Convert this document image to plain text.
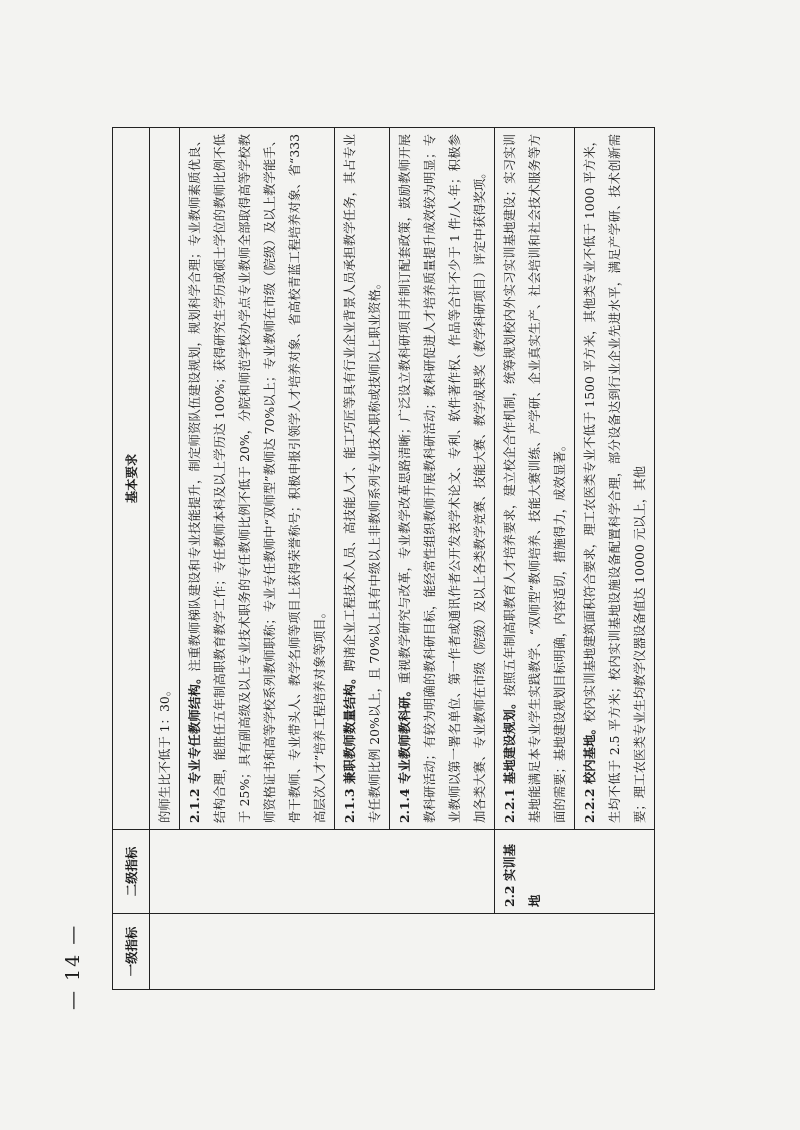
— 14 —	一级指标	二级指标	基本要求
		的师生比不低于 1：30。
		2.1.2 专业专任教师结构。注重教师梯队建设和专业技能提升，制定师资队伍建设规划，规划科学合理；专业教师素质优良、结构合理，能胜任五年制高职教育教学工作；专任教师本科及以上学历达 100%；获得研究生学历或硕士学位的教师比例不低于 25%；具有副高级及以上专业技术职务的专任教师比例不低于 20%，分院和师范学校办学点专业教师全部取得高等学校教师资格证书和高等学校系列教师职称；专业专任教师中“双师型”教师达 70%以上；专业教师在市级（院级）及以上教学能手、骨干教师、专业带头人、教学名师等项目上获得荣誉称号；积极申报引领学人才培养对象、省高校青蓝工程培养对象、省“333 高层次人才”培养工程培养对象等项目。
		2.1.3 兼职教师数量结构。聘请企业工程技术人员、高技能人才、能工巧匠等具有行业企业背景人员承担教学任务，其占专业专任教师比例 20%以上，且 70%以上具有中级以上非教师系列专业技术职称或技师以上职业资格。
		2.1.4 专业教师教科研。重视教学研究与改革，专业教学改革思路清晰；广泛设立教科研项目并制订配套政策，鼓励教师开展教科研活动；有较为明确的教科研目标，能经常性组织教师开展教科研活动；教科研促进人才培养质量提升成效较为明显；专业教师以第一署名单位、第一作者或通讯作者公开发表学术论文、专利、软件著作权、作品等合计不少于 1 件/人·年；积极参加各类大赛、专业教师在市级（院级）及以上各类教学竞赛、技能大赛、教学成果奖（教学科研项目）评定中获得奖项。
	2.2 实训基地	2.2.1 基地建设规划。按照五年制高职教育人才培养要求，建立校企合作机制，统筹规划校内外实习实训基地建设；实习实训基地能满足本专业学生实践教学、“双师型”教师培养、技能大赛训练、产学研、企业真实生产、社会培训和社会技术服务等方面的需要；基地建设规划目标明确，内容适切，措施得力，成效显著。
		2.2.2 校内基地。校内实训基地建筑面积符合要求，理工农医类专业不低于 1500 平方米，其他类专业不低于 1000 平方米，生均不低于 2.5 平方米；校内实训基地设施设备配置科学合理，部分设备达到行业企业先进水平，满足产学研、技术创新需要；理工农医类专业生均教学仪器设备值达 10000 元以上，其他
